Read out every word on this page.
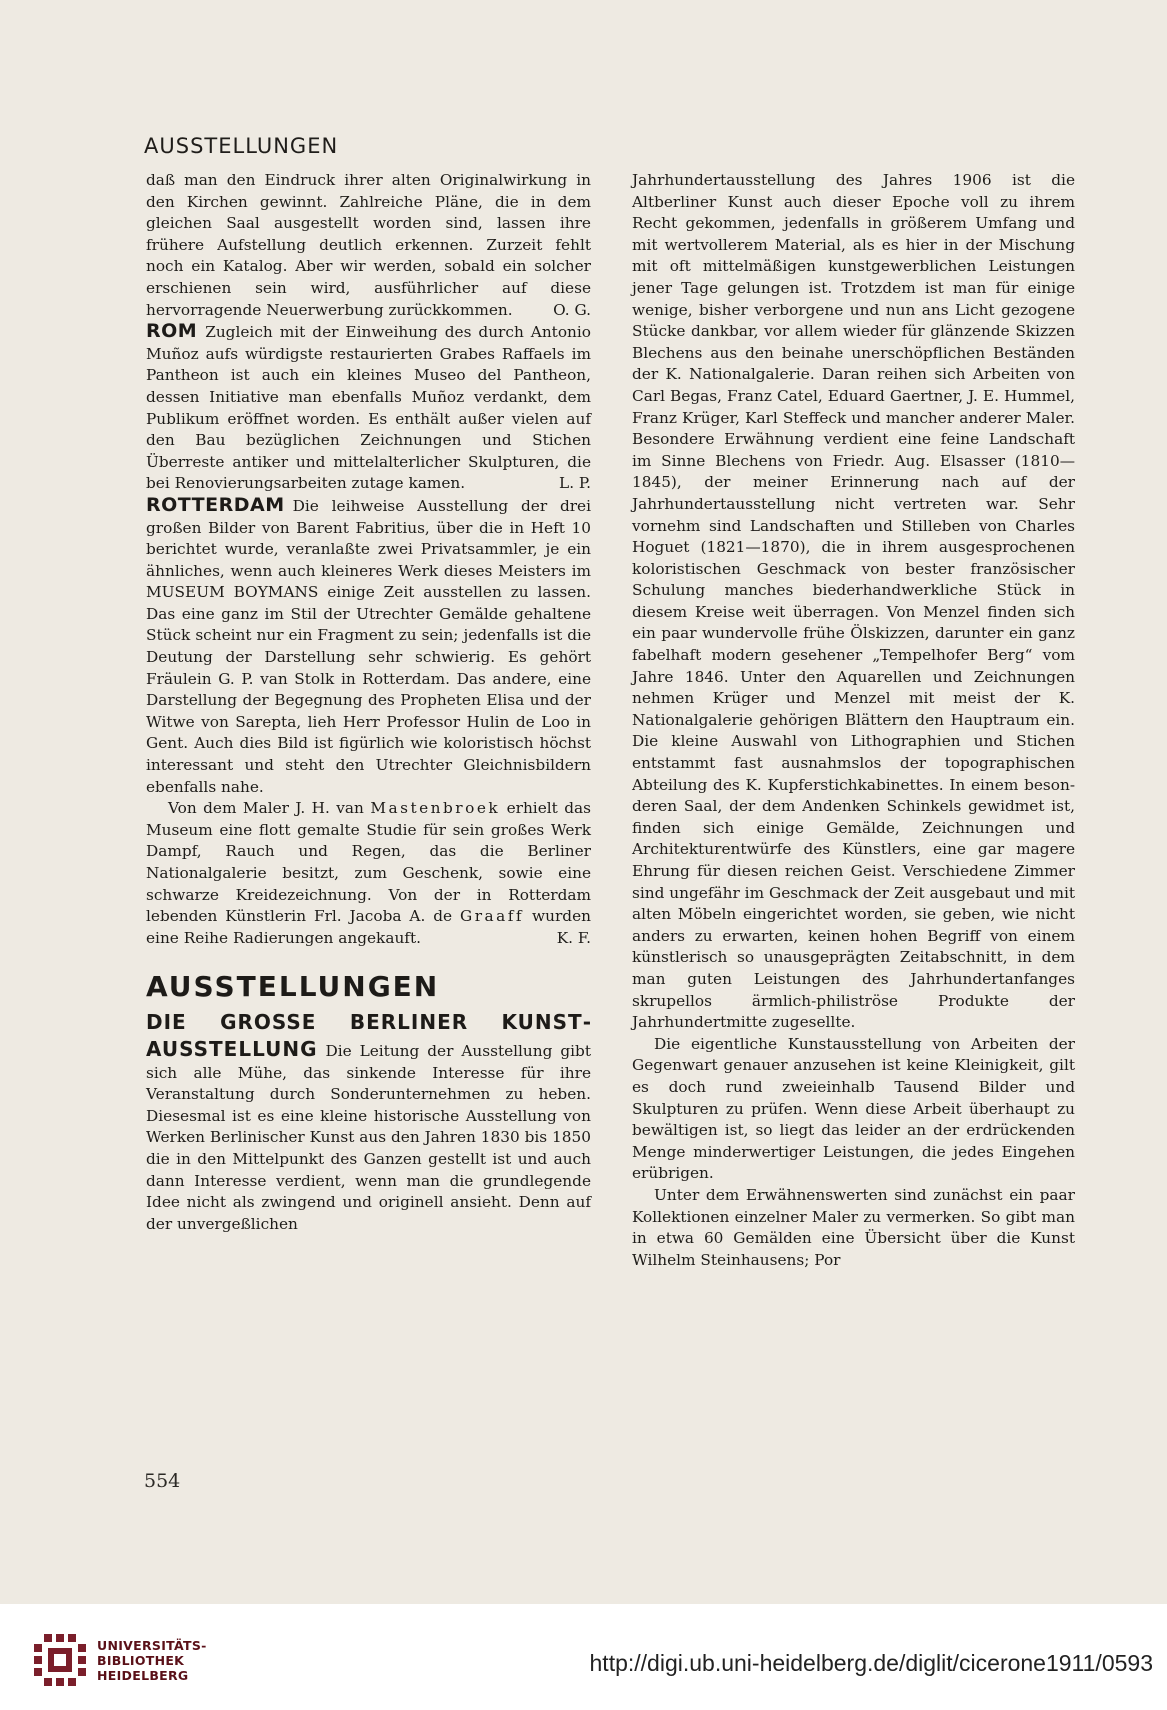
AUSSTELLUNGEN

daß man den Eindruck ihrer alten Originalwirkung in den Kirchen gewinnt. Zahlreiche Pläne, die in dem gleichen Saal ausgestellt worden sind, lassen ihre frühere Aufstellung deutlich erkennen. Zurzeit fehlt noch ein Katalog. Aber wir werden, sobald ein solcher erschienen sein wird, ausführlicher auf diese hervorragende Neuerwerbung zurückkommen.	O. G.

ROM Zugleich mit der Einweihung des durch Antonio Muñoz aufs würdigste restaurierten Grabes Raffaels im Pantheon ist auch ein kleines Museo del Pantheon, dessen Initiative man ebenfalls Muñoz verdankt, dem Publikum eröffnet worden. Es enthält außer vielen auf den Bau bezüglichen Zeichnungen und Stichen Überreste antiker und mittelalterlicher Skulpturen, die bei Renovierungsarbeiten zutage kamen.	L. P.

ROTTERDAM Die leihweise Ausstellung der drei großen Bilder von Barent Fabritius, über die in Heft 10 berichtet wurde, veranlaßte zwei Privatsammler, je ein ähnliches, wenn auch kleineres Werk dieses Meisters im MUSEUM BOYMANS einige Zeit ausstellen zu lassen. Das eine ganz im Stil der Utrechter Gemälde gehaltene Stück scheint nur ein Fragment zu sein; jedenfalls ist die Deutung der Darstellung sehr schwierig. Es gehört Fräulein G. P. van Stolk in Rotterdam. Das andere, eine Darstellung der Begegnung des Propheten Elisa und der Witwe von Sarepta, lieh Herr Professor Hulin de Loo in Gent. Auch dies Bild ist figürlich wie koloristisch höchst interessant und steht den Utrechter Gleichnisbildern ebenfalls nahe.

Von dem Maler J. H. van Mastenbroek erhielt das Museum eine flott gemalte Studie für sein großes Werk Dampf, Rauch und Regen, das die Berliner Nationalgalerie besitzt, zum Geschenk, sowie eine schwarze Kreidezeichnung. Von der in Rotterdam lebenden Künstlerin Frl. Jacoba A. de Graaff wurden eine Reihe Radierungen angekauft.	K. F.
AUSSTELLUNGEN

DIE GROSSE BERLINER KUNSTAUSSTELLUNG Die Leitung der Ausstellung gibt sich alle Mühe, das sinkende Interesse für ihre Veranstaltung durch Sonderunternehmen zu heben. Diesesmal ist es eine kleine historische Ausstellung von Werken Berlinischer Kunst aus den Jahren 1830 bis 1850 die in den Mittelpunkt des Ganzen gestellt ist und auch dann Interesse verdient, wenn man die grundlegende Idee nicht als zwingend und originell ansieht. Denn auf der unvergeßlichen

Jahrhundertausstellung des Jahres 1906 ist die Altberliner Kunst auch dieser Epoche voll zu ihrem Recht gekommen, jedenfalls in größerem Umfang und mit wertvollerem Material, als es hier in der Mischung mit oft mittelmäßigen kunstgewerblichen Leistungen jener Tage gelungen ist. Trotzdem ist man für einige wenige, bisher verborgene und nun ans Licht gezogene Stücke dankbar, vor allem wieder für glänzende Skizzen Blechens aus den beinahe unerschöpflichen Beständen der K. Nationalgalerie. Daran reihen sich Arbeiten von Carl Begas, Franz Catel, Eduard Gaertner, J. E. Hummel, Franz Krüger, Karl Steffeck und mancher anderer Maler. Besondere Erwähnung verdient eine feine Landschaft im Sinne Blechens von Friedr. Aug. Elsasser (1810—1845), der meiner Erinnerung nach auf der Jahrhundertausstellung nicht vertreten war. Sehr vornehm sind Landschaften und Stilleben von Charles Hoguet (1821—1870), die in ihrem ausgesprochenen koloristischen Geschmack von bester französischer Schulung manches biederhandwerkliche Stück in diesem Kreise weit überragen. Von Menzel finden sich ein paar wundervolle frühe Ölskizzen, darunter ein ganz fabelhaft modern gesehener „Tempelhofer Berg“ vom Jahre 1846. Unter den Aquarellen und Zeichnungen nehmen Krüger und Menzel mit meist der K. Nationalgalerie gehörigen Blättern den Hauptraum ein. Die kleine Auswahl von Lithographien und Stichen entstammt fast ausnahmslos der topographischen Abteilung des K. Kupferstichkabinettes. In einem besonderen Saal, der dem Andenken Schinkels gewidmet ist, finden sich einige Gemälde, Zeichnungen und Architekturentwürfe des Künstlers, eine gar magere Ehrung für diesen reichen Geist. Verschiedene Zimmer sind ungefähr im Geschmack der Zeit ausgebaut und mit alten Möbeln eingerichtet worden, sie geben, wie nicht anders zu erwarten, keinen hohen Begriff von einem künstlerisch so unausgeprägten Zeitabschnitt, in dem man guten Leistungen des Jahrhundertanfanges skrupellos ärmlich-philiströse Produkte der Jahrhundertmitte zugesellte.

Die eigentliche Kunstausstellung von Arbeiten der Gegenwart genauer anzusehen ist keine Kleinigkeit, gilt es doch rund zweieinhalb Tausend Bilder und Skulpturen zu prüfen. Wenn diese Arbeit überhaupt zu bewältigen ist, so liegt das leider an der erdrückenden Menge minderwertiger Leistungen, die jedes Eingehen erübrigen.

Unter dem Erwähnenswerten sind zunächst ein paar Kollektionen einzelner Maler zu vermerken. So gibt man in etwa 60 Gemälden eine Übersicht über die Kunst Wilhelm Steinhausens; Por

554
UNIVERSITÄTS-
BIBLIOTHEK
HEIDELBERG	http://digi.ub.uni-heidelberg.de/diglit/cicerone1911/0593
